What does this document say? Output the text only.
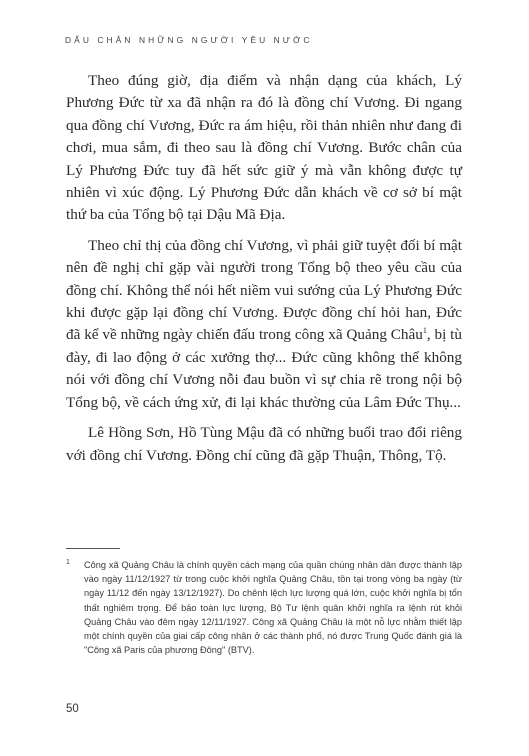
DẤU CHÂN NHỮNG NGƯỜI YÊU NƯỚC

Theo đúng giờ, địa điểm và nhận dạng của khách, Lý Phương Đức từ xa đã nhận ra đó là đồng chí Vương. Đi ngang qua đồng chí Vương, Đức ra ám hiệu, rồi thản nhiên như đang đi chơi, mua sắm, đi theo sau là đồng chí Vương. Bước chân của Lý Phương Đức tuy đã hết sức giữ ý mà vẫn không được tự nhiên vì xúc động. Lý Phương Đức dẫn khách về cơ sở bí mật thứ ba của Tổng bộ tại Dậu Mã Địa.

Theo chỉ thị của đồng chí Vương, vì phải giữ tuyệt đối bí mật nên đề nghị chỉ gặp vài người trong Tổng bộ theo yêu cầu của đồng chí. Không thể nói hết niềm vui sướng của Lý Phương Đức khi được gặp lại đồng chí Vương. Được đồng chí hỏi han, Đức đã kể về những ngày chiến đấu trong công xã Quảng Châu$^1$, bị tù đày, đi lao động ở các xưởng thợ... Đức cũng không thể không nói với đồng chí Vương nỗi đau buồn vì sự chia rẽ trong nội bộ Tổng bộ, về cách ứng xử, đi lại khác thường của Lâm Đức Thụ...

Lê Hồng Sơn, Hồ Tùng Mậu đã có những buổi trao đổi riêng với đồng chí Vương. Đồng chí cũng đã gặp Thuận, Thông, Tộ.

1 Công xã Quảng Châu là chính quyền cách mạng của quần chúng nhân dân được thành lập vào ngày 11/12/1927 từ trong cuộc khởi nghĩa Quảng Châu, tồn tại trong vòng ba ngày (từ ngày 11/12 đến ngày 13/12/1927). Do chênh lệch lực lượng quá lớn, cuộc khởi nghĩa bị tổn thất nghiêm trọng. Để bảo toàn lực lượng, Bộ Tư lệnh quân khởi nghĩa ra lệnh rút khỏi Quảng Châu vào đêm ngày 12/11/1927. Công xã Quảng Châu là một nỗ lực nhằm thiết lập một chính quyền của giai cấp công nhân ở các thành phố, nó được Trung Quốc đánh giá là "Công xã Paris của phương Đông" (BTV).
50
